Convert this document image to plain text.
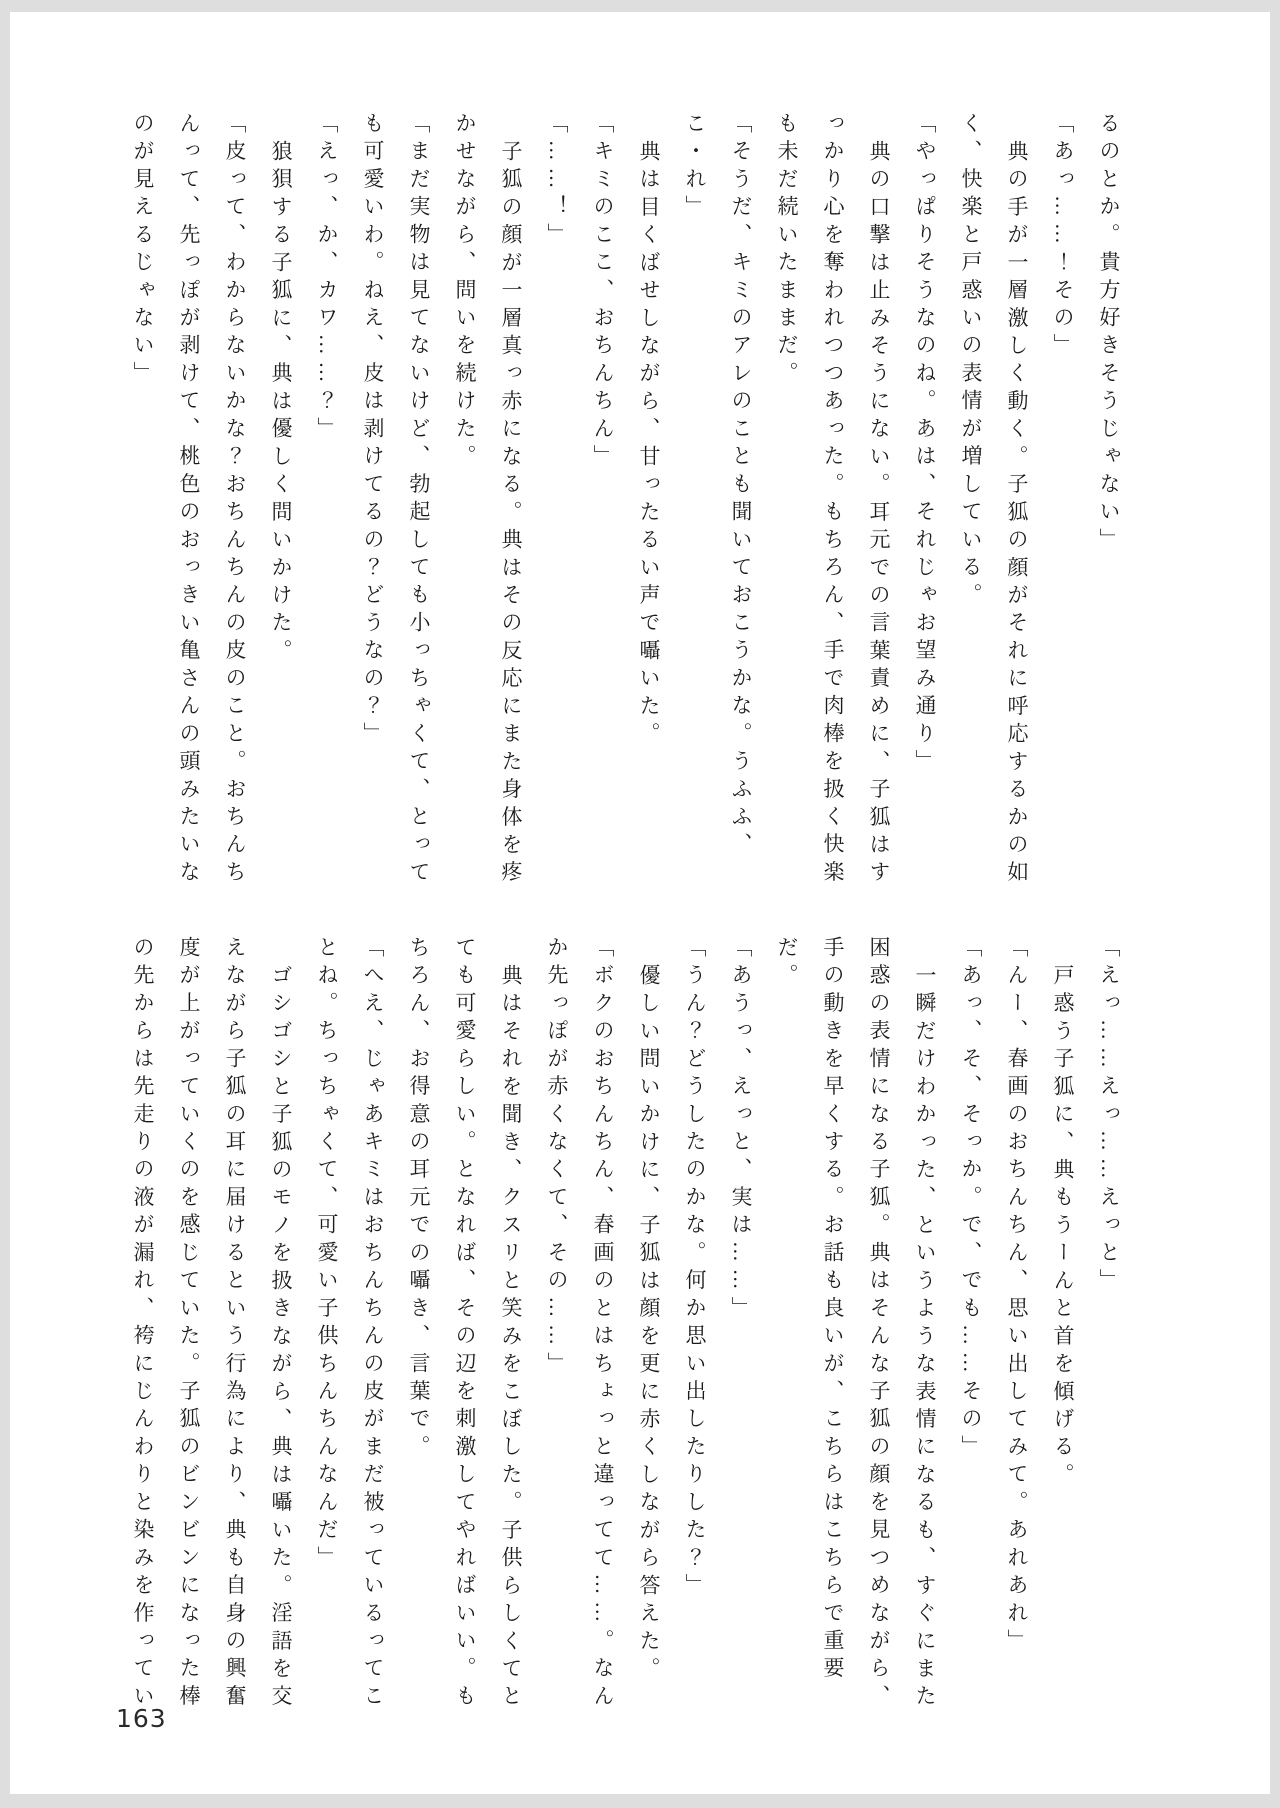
るのとか。貴方好きそうじゃない」

「あっ……！その」

典の手が一層激しく動く。子狐の顔がそれに呼応するかの如

く、快楽と戸惑いの表情が増している。

「やっぱりそうなのね。あは、それじゃお望み通り」

典の口撃は止みそうにない。耳元での言葉責めに、子狐はす

っかり心を奪われつつあった。もちろん、手で肉棒を扱く快楽

も未だ続いたままだ。

「そうだ、キミのアレのことも聞いておこうかな。うふふ、

こ・れ」

典は目くばせしながら、甘ったるい声で囁いた。

「キミのここ、おちんちん」

「……！」

子狐の顔が一層真っ赤になる。典はその反応にまた身体を疼

かせながら、問いを続けた。

「まだ実物は見てないけど、勃起しても小っちゃくて、とって

も可愛いわ。ねえ、皮は剥けてるの？どうなの？」

「えっ、か、カワ……？」

狼狽する子狐に、典は優しく問いかけた。

「皮って、わからないかな？おちんちんの皮のこと。おちんち

んって、先っぽが剥けて、桃色のおっきい亀さんの頭みたいな

のが見えるじゃない」

「えっ……えっ……えっと」

戸惑う子狐に、典もうーんと首を傾げる。

「んー、春画のおちんちん、思い出してみて。あれあれ」

「あっ、そ、そっか。で、でも……その」

一瞬だけわかった、というような表情になるも、すぐにまた

困惑の表情になる子狐。典はそんな子狐の顔を見つめながら、

手の動きを早くする。お話も良いが、こちらはこちらで重要

だ。

「あうっ、えっと、実は……」

「うん？どうしたのかな。何か思い出したりした？」

優しい問いかけに、子狐は顔を更に赤くしながら答えた。

「ボクのおちんちん、春画のとはちょっと違ってて……。なん

か先っぽが赤くなくて、その……」

典はそれを聞き、クスリと笑みをこぼした。子供らしくてと

ても可愛らしい。となれば、その辺を刺激してやればいい。も

ちろん、お得意の耳元での囁き、言葉で。

「へえ、じゃあキミはおちんちんの皮がまだ被っているってこ

とね。ちっちゃくて、可愛い子供ちんちんなんだ」

ゴシゴシと子狐のモノを扱きながら、典は囁いた。淫語を交

えながら子狐の耳に届けるという行為により、典も自身の興奮

度が上がっていくのを感じていた。子狐のビンビンになった棒

の先からは先走りの液が漏れ、袴にじんわりと染みを作ってい

163
